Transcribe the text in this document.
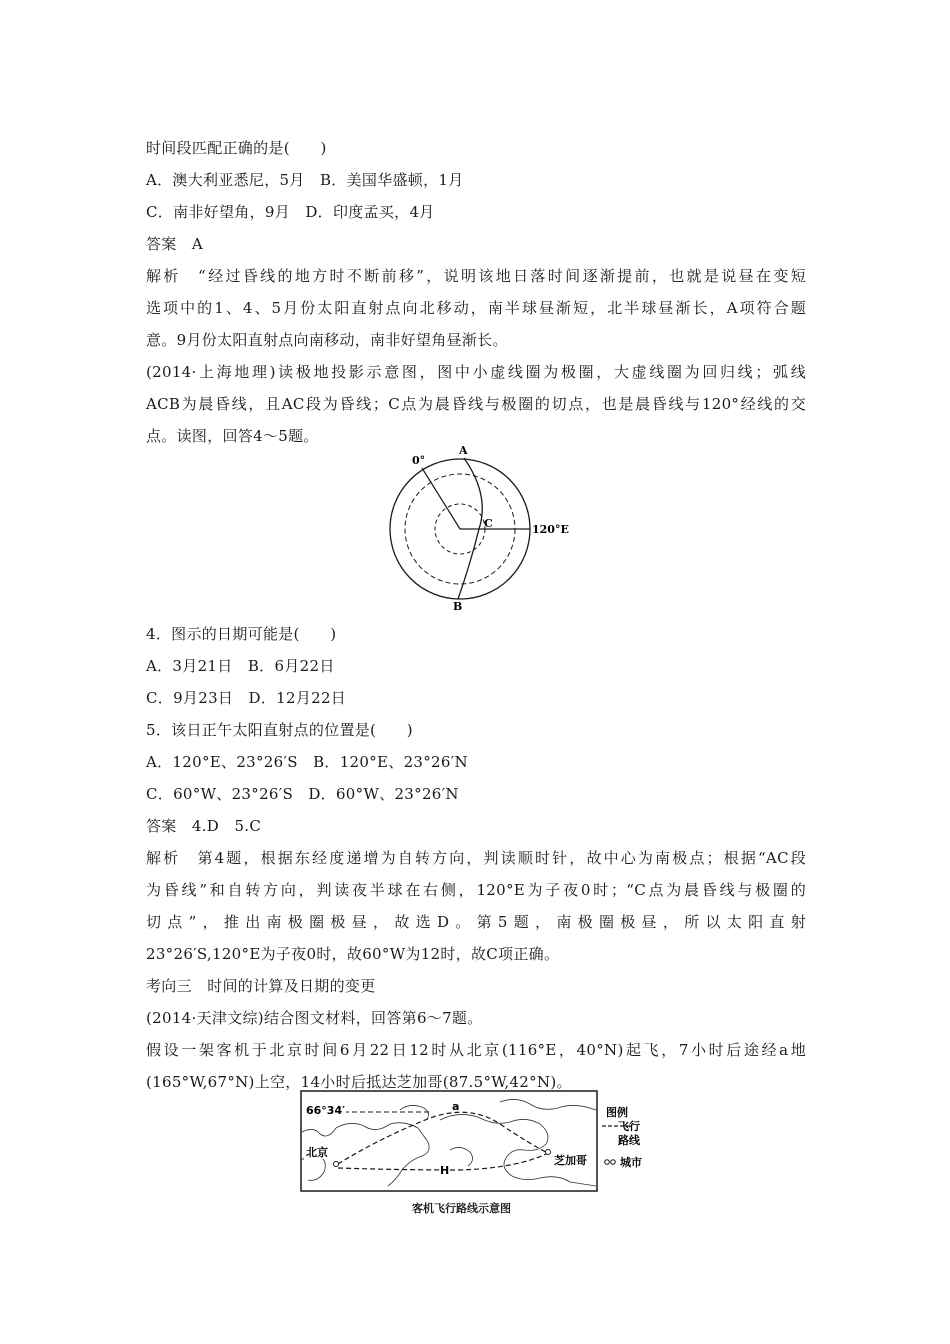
时间段匹配正确的是(　　)
A．澳大利亚悉尼，5月　B．美国华盛顿，1月
C．南非好望角，9月　D．印度孟买，4月
答案　A
解析　“经过昏线的地方时不断前移”，说明该地日落时间逐渐提前，也就是说昼在变短
选项中的1、4、5月份太阳直射点向北移动，南半球昼渐短，北半球昼渐长，A项符合题
意。9月份太阳直射点向南移动，南非好望角昼渐长。
(2014·上海地理)读极地投影示意图，图中小虚线圈为极圈，大虚线圈为回归线；弧线
ACB为晨昏线，且AC段为昏线；C点为晨昏线与极圈的切点，也是晨昏线与120°经线的交
点。读图，回答4～5题。
0°
A
C	120°E
B
4．图示的日期可能是(　　)
A．3月21日　B．6月22日
C．9月23日　D．12月22日
5．该日正午太阳直射点的位置是(　　)
A．120°E、23°26′S　B．120°E、23°26′N
C．60°W、23°26′S　D．60°W、23°26′N
答案　4.D　5.C
解析　第4题，根据东经度递增为自转方向，判读顺时针，故中心为南极点；根据“AC段
为昏线”和自转方向，判读夜半球在右侧，120°E为子夜0时；“C点为晨昏线与极圈的
切点”，推出南极圈极昼，故选D。第5题，南极圈极昼，所以太阳直射
23°26′S,120°E为子夜0时，故60°W为12时，故C项正确。
考向三　时间的计算及日期的变更
(2014·天津文综)结合图文材料，回答第6～7题。
假设一架客机于北京时间6月22日12时从北京(116°E，40°N)起飞，7小时后途经a地
(165°W,67°N)上空，14小时后抵达芝加哥(87.5°W,42°N)。
66°34′	a
H
北京
芝加哥
图例
飞行
路线
城市
客机飞行路线示意图
